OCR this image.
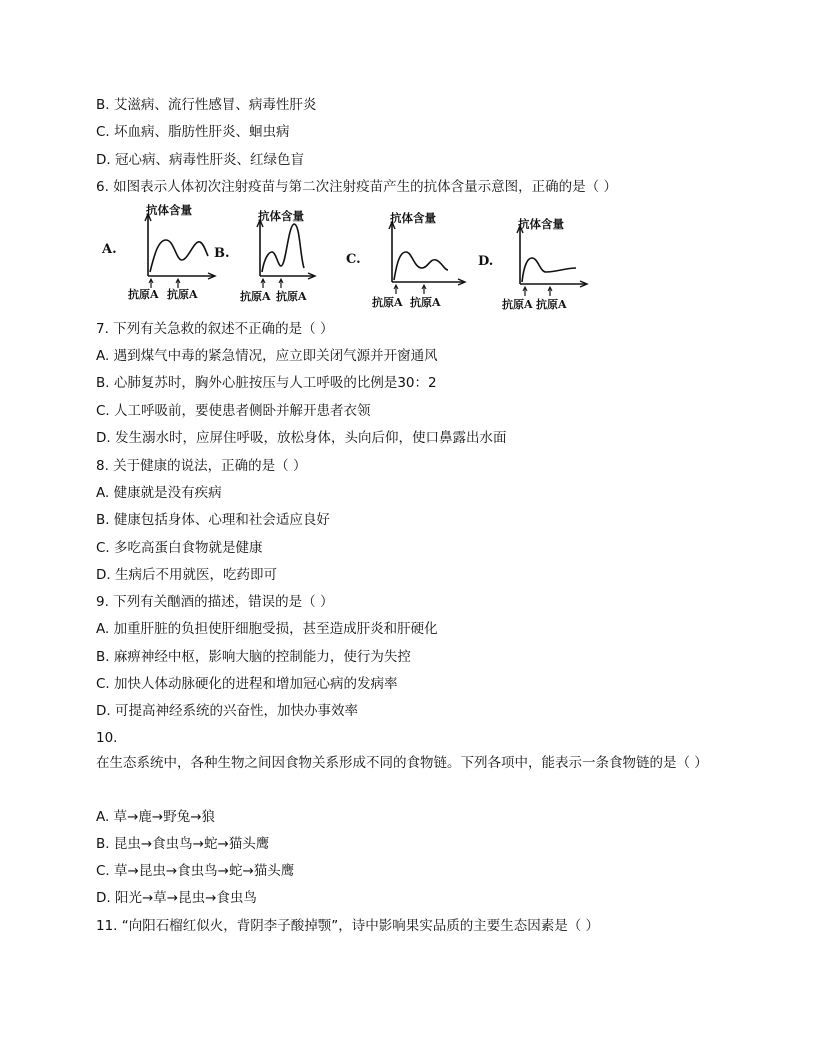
B. 艾滋病、流行性感冒、病毒性肝炎
C. 坏血病、脂肪性肝炎、蛔虫病
D. 冠心病、病毒性肝炎、红绿色盲
6. 如图表示人体初次注射疫苗与第二次注射疫苗产生的抗体含量示意图，正确的是（ ）
A.
抗体含量
抗原A 抗原A
B.
抗体含量
抗原A 抗原A
C.
抗体含量
抗原A 抗原A
D.
抗体含量
抗原A 抗原A
7. 下列有关急救的叙述不正确的是（ ）
A. 遇到煤气中毒的紧急情况，应立即关闭气源并开窗通风
B. 心肺复苏时，胸外心脏按压与人工呼吸的比例是30：2
C. 人工呼吸前，要使患者侧卧并解开患者衣领
D. 发生溺水时，应屏住呼吸，放松身体，头向后仰，使口鼻露出水面
8. 关于健康的说法，正确的是（ ）
A. 健康就是没有疾病
B. 健康包括身体、心理和社会适应良好
C. 多吃高蛋白食物就是健康
D. 生病后不用就医，吃药即可
9. 下列有关酗酒的描述，错误的是（ ）
A. 加重肝脏的负担使肝细胞受损，甚至造成肝炎和肝硬化
B. 麻痹神经中枢，影响大脑的控制能力，使行为失控
C. 加快人体动脉硬化的进程和增加冠心病的发病率
D. 可提高神经系统的兴奋性，加快办事效率
10.
在生态系统中，各种生物之间因食物关系形成不同的食物链。下列各项中，能表示一条食物链的是（ ）
A. 草→鹿→野兔→狼
B. 昆虫→食虫鸟→蛇→猫头鹰
C. 草→昆虫→食虫鸟→蛇→猫头鹰
D. 阳光→草→昆虫→食虫鸟
11. “向阳石榴红似火，背阴李子酸掉颚”，诗中影响果实品质的主要生态因素是（ ）
